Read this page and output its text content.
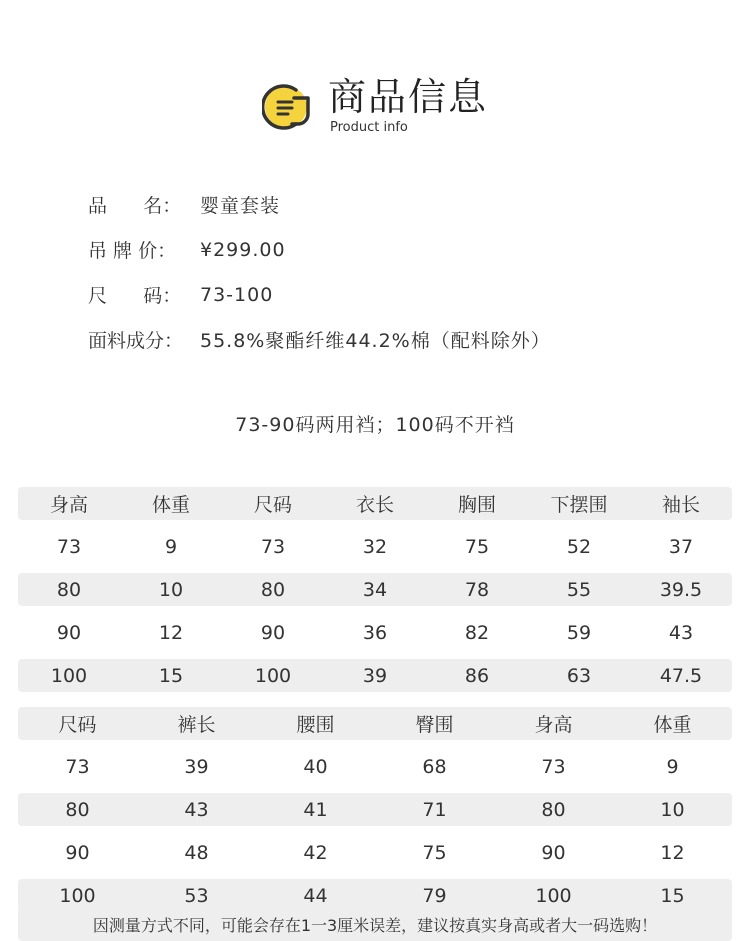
商品信息
Product info
品      名： 婴童套装
吊 牌 价：	¥299.00
尺      码： 73-100
面料成分： 55.8%聚酯纤维44.2%棉（配料除外）
73-90码两用裆；100码不开裆
身高	体重	尺码	衣长	胸围	下摆围	袖长
73	9	73	32	75	52	37
80	10	80	34	78	55	39.5
90	12	90	36	82	59	43
100	15	100	39	86	63	47.5
尺码	裤长	腰围	臀围	身高	体重
73	39	40	68	73	9
80	43	41	71	80	10
90	48	42	75	90	12
100	53	44	79	100	15
因测量方式不同，可能会存在1一3厘米误差，建议按真实身高或者大一码选购！
